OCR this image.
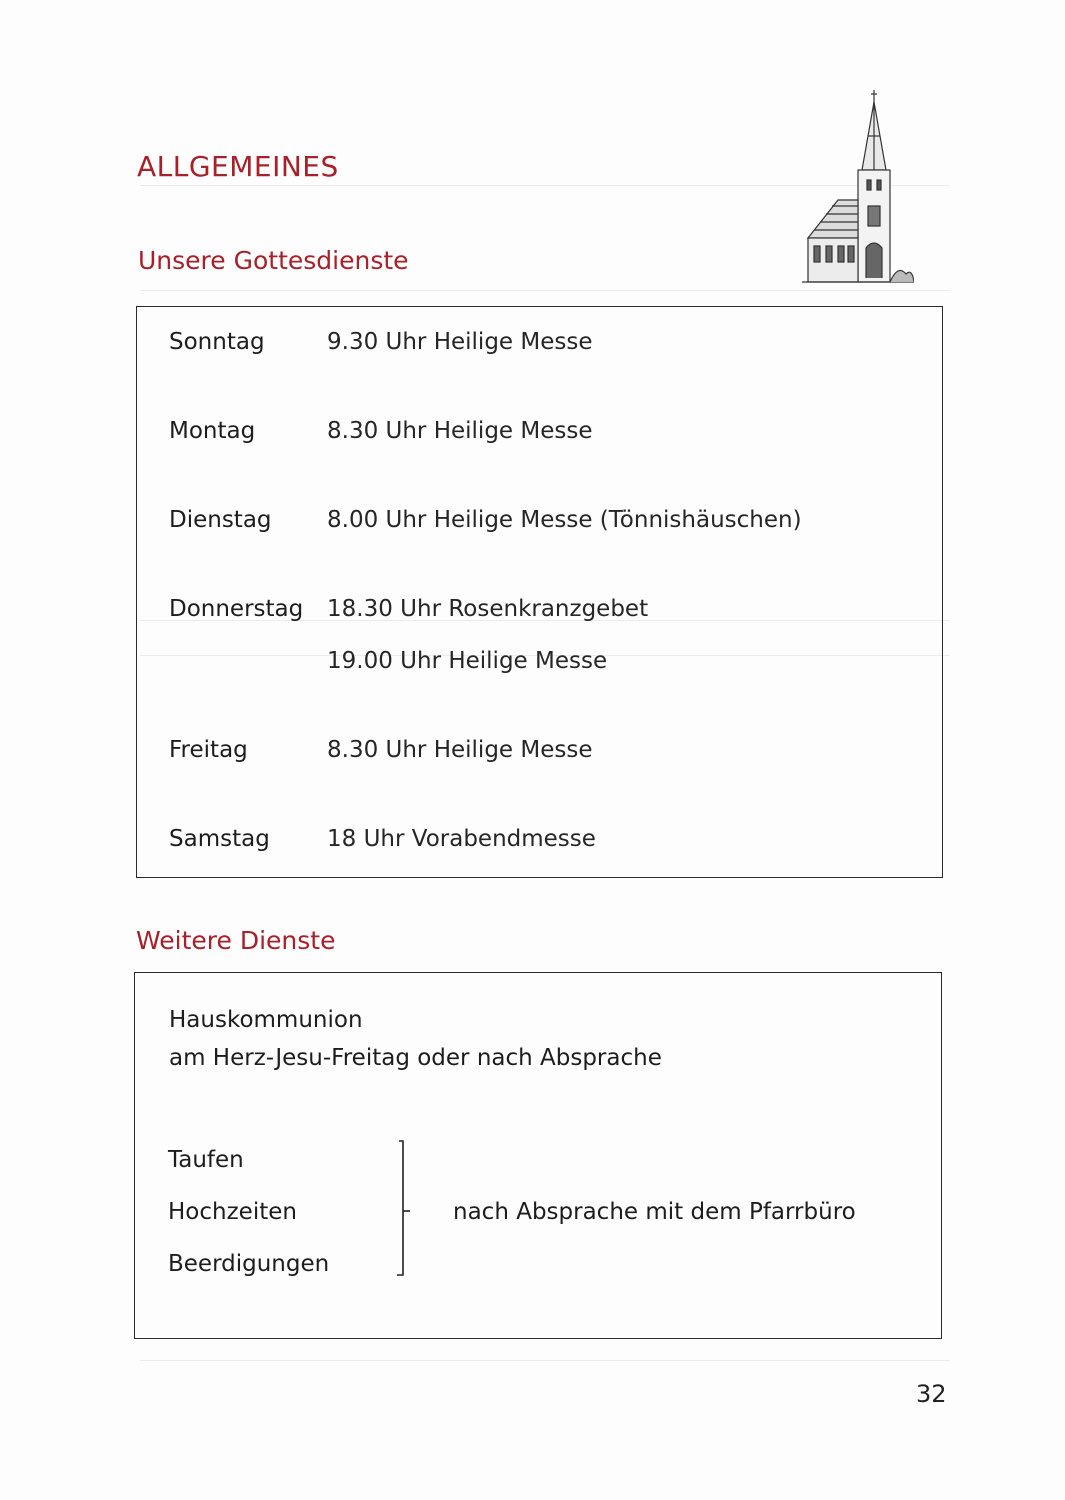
ALLGEMEINES
Unsere Gottesdienste
Sonntag	9.30 Uhr Heilige Messe
Montag	8.30 Uhr Heilige Messe
Dienstag 8.00 Uhr Heilige Messe (Tönnishäuschen)
Donnerstag 18.30 Uhr Rosenkranzgebet
19.00 Uhr Heilige Messe
Freitag	8.30 Uhr Heilige Messe
Samstag 18 Uhr Vorabendmesse
Weitere Dienste
Hauskommunion
am Herz-Jesu-Freitag oder nach Absprache
Taufen
Hochzeiten
Beerdigungen
nach Absprache mit dem Pfarrbüro
32
